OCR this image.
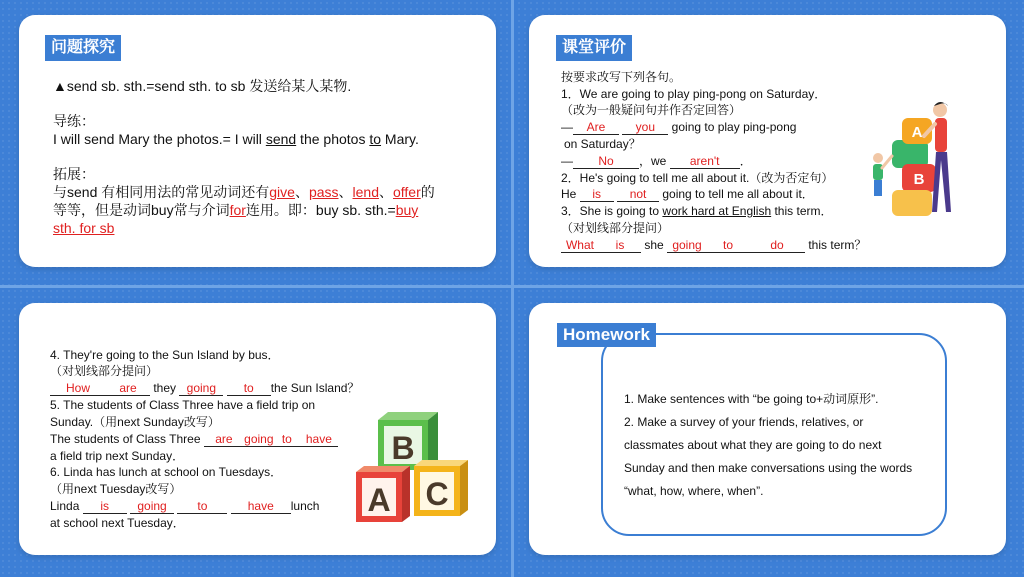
问题探究
▲send sb. sth.=send sth. to sb 发送给某人某物.
导练：
I will send Mary the photos.= I will send the photos to Mary.
拓展：
与send 有相同用法的常见动词还有give、pass、lend、offer的
等等，但是动词buy常与介词for连用。即：buy sb. sth.=buy
sth. for sb
课堂评价
按要求改写下列各句。
1．We are going to play ping-pong on Saturday．
（改为一般疑问句并作否定回答）
— Are	you going to play ping-pong
on Saturday？
— No ，we aren't ．
2．He's going to tell me all about it.（改为否定句）
He is not going to tell me all about it．
3．She is going to work hard at English this term．
（对划线部分提问）
What is she going to	do this term？
A
B
4. They're going to the Sun Island by bus．
（对划线部分提问）
How are they going to the Sun Island？
5. The students of Class Three have a field trip on
Sunday.（用next Sunday改写）
The students of Class Three are going to have
a field trip next Sunday．
6. Linda has lunch at school on Tuesdays．
（用next Tuesday改写）
Linda is going	to	have lunch
at school next Tuesday．
B
A C
Homework
1. Make sentences with “be going to+动词原形”.
2. Make a survey of your friends, relatives, or
classmates about what they are going to do next
Sunday and then make conversations using the words
“what, how, where, when”.
